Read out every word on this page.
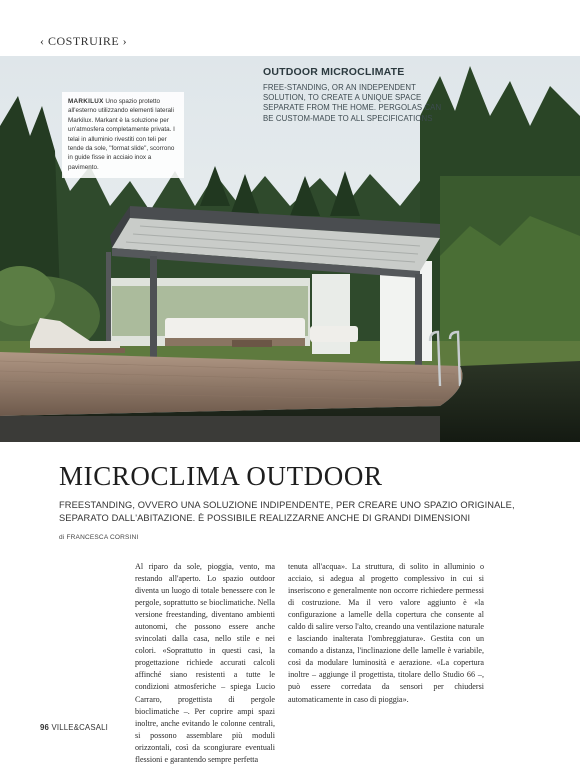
‹ COSTRUIRE ›
MARKILUX Uno spazio protetto all'esterno utilizzando elementi laterali Markilux. Markant è la soluzione per un'atmosfera completamente privata. I telai in alluminio rivestiti con teli per tende da sole, "format slide", scorrono in guide fisse in acciaio inox a pavimento.
OUTDOOR MICROCLIMATE
FREE-STANDING, OR AN INDEPENDENT SOLUTION, TO CREATE A UNIQUE SPACE SEPARATE FROM THE HOME. PERGOLAS CAN BE CUSTOM-MADE TO ALL SPECIFICATIONS
MICROCLIMA OUTDOOR
FREESTANDING, OVVERO UNA SOLUZIONE INDIPENDENTE, PER CREARE UNO SPAZIO ORIGINALE, SEPARATO DALL'ABITAZIONE. È POSSIBILE REALIZZARNE ANCHE DI GRANDI DIMENSIONI
di FRANCESCA CORSINI
Al riparo da sole, pioggia, vento, ma restando all'aperto. Lo spazio outdoor diventa un luogo di totale benessere con le pergole, soprattutto se bioclimatiche. Nella versione freestanding, diventano ambienti autonomi, che possono essere anche svincolati dalla casa, nello stile e nei colori. «Soprattutto in questi casi, la progettazione richiede accurati calcoli affinché siano resistenti a tutte le condizioni atmosferiche – spiega Lucio Carraro, progettista di pergole bioclimatiche –. Per coprire ampi spazi inoltre, anche evitando le colonne centrali, si possono assemblare più moduli orizzontali, così da scongiurare eventuali flessioni e garantendo sempre perfetta
tenuta all'acqua». La struttura, di solito in alluminio o acciaio, si adegua al progetto complessivo in cui si inseriscono e generalmente non occorre richiedere permessi di costruzione. Ma il vero valore aggiunto è «la configurazione a lamelle della copertura che consente al caldo di salire verso l'alto, creando una ventilazione naturale e lasciando inalterata l'ombreggiatura». Gestita con un comando a distanza, l'inclinazione delle lamelle è variabile, così da modulare luminosità e aerazione. «La copertura inoltre – aggiunge il progettista, titolare dello Studio 66 –, può essere corredata da sensori per chiudersi automaticamente in caso di pioggia».
96 VILLE&CASALI
